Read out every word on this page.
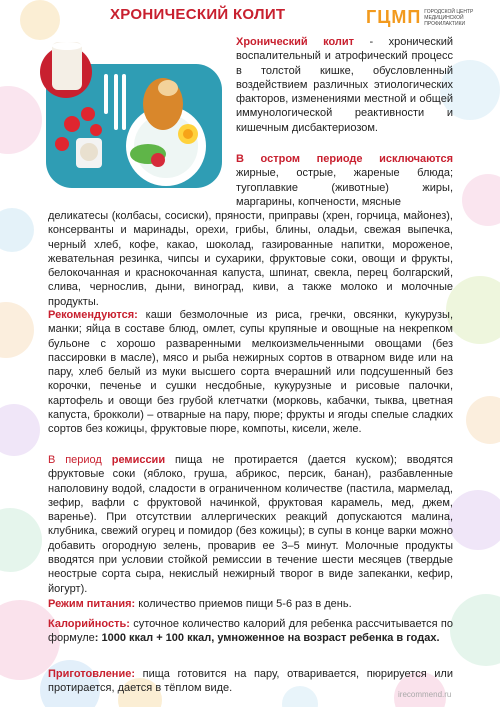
ХРОНИЧЕСКИЙ КОЛИТ	ГЦМП ГОРОДСКОЙ ЦЕНТР МЕДИЦИНСКОЙ ПРОФИЛАКТИКИ
Хронический колит - хронический воспалительный и атрофический процесс в толстой кишке, обусловленный воздействием различных этиологических факторов, изменениями местной и общей иммунологической реактивности и кишечным дисбактериозом.
В остром периоде исключаются жирные, острые, жареные блюда; тугоплавкие (животные) жиры, маргарины, копчености, мясные
деликатесы (колбасы, сосиски), пряности, приправы (хрен, горчица, майонез), консерванты и маринады, орехи, грибы, блины, оладьи, свежая выпечка, черный хлеб, кофе, какао, шоколад, газированные напитки, мороженое, жевательная резинка, чипсы и сухарики, фруктовые соки, овощи и фрукты, белокочанная и краснокочанная капуста, шпинат, свекла, перец болгарский, слива, чернослив, дыни, виноград, киви, а также молоко и молочные продукты.
Рекомендуются: каши безмолочные из риса, гречки, овсянки, кукурузы, манки; яйца в составе блюд, омлет, супы крупяные и овощные на некрепком бульоне с хорошо разваренными мелкоизмельченными овощами (без пассировки в масле), мясо и рыба нежирных сортов в отварном виде или на пару, хлеб белый из муки высшего сорта вчерашний или подсушенный без корочки, печенье и сушки несдобные, кукурузные и рисовые палочки, картофель и овощи без грубой клетчатки (морковь, кабачки, тыква, цветная капуста, брокколи) – отварные на пару, пюре; фрукты и ягоды спелые сладких сортов без кожицы, фруктовые пюре, компоты, кисели, желе.
В период ремиссии пища не протирается (дается куском); вводятся фруктовые соки (яблоко, груша, абрикос, персик, банан), разбавленные наполовину водой, сладости в ограниченном количестве (пастила, мармелад, зефир, вафли с фруктовой начинкой, фруктовая карамель, мед, джем, варенье). При отсутствии аллергических реакций допускаются малина, клубника, свежий огурец и помидор (без кожицы); в супы в конце варки можно добавить огородную зелень, проварив ее 3–5 минут. Молочные продукты вводятся при условии стойкой ремиссии в течение шести месяцев (твердые неострые сорта сыра, некислый нежирный творог в виде запеканки, кефир, йогурт).
Режим питания: количество приемов пищи 5-6 раз в день.
Калорийность: суточное количество калорий для ребенка рассчитывается по формуле: 1000 ккал + 100 ккал, умноженное на возраст ребенка в годах.
Приготовление: пища готовится на пару, отваривается, пюрируется или протирается, дается в тёплом виде.
irecommend.ru
